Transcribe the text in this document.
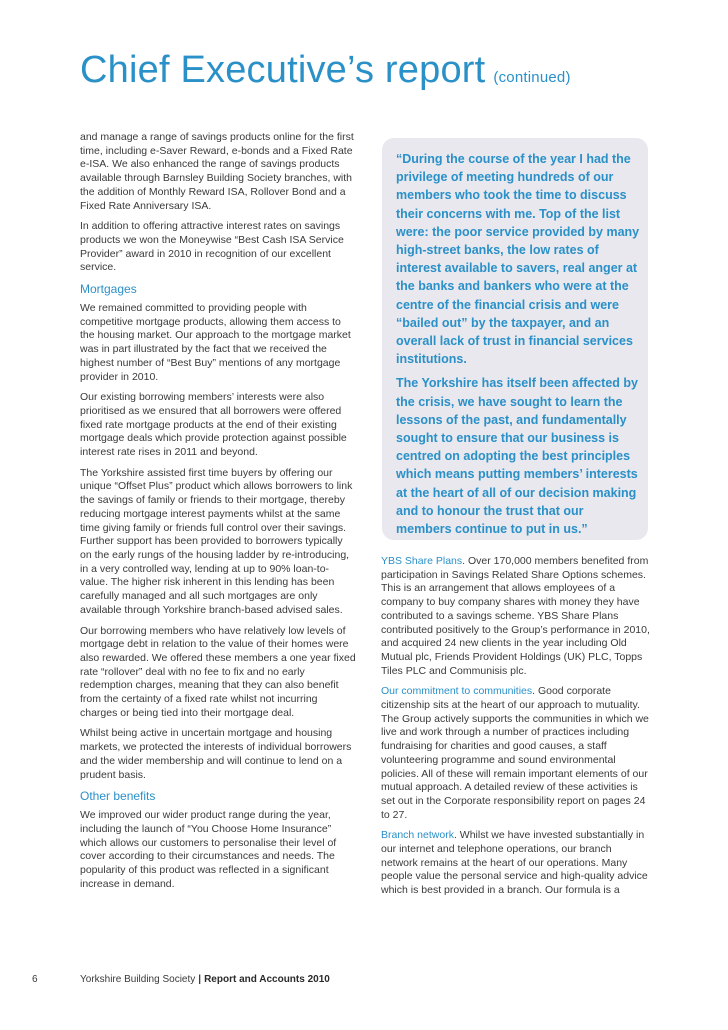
Chief Executive’s report (continued)

and manage a range of savings products online for the first time, including e-Saver Reward, e-bonds and a Fixed Rate e-ISA. We also enhanced the range of savings products available through Barnsley Building Society branches, with the addition of Monthly Reward ISA, Rollover Bond and a Fixed Rate Anniversary ISA.

In addition to offering attractive interest rates on savings products we won the Moneywise “Best Cash ISA Service Provider” award in 2010 in recognition of our excellent service.

Mortgages

We remained committed to providing people with competitive mortgage products, allowing them access to the housing market. Our approach to the mortgage market was in part illustrated by the fact that we received the highest number of “Best Buy” mentions of any mortgage provider in 2010.

Our existing borrowing members’ interests were also prioritised as we ensured that all borrowers were offered fixed rate mortgage products at the end of their existing mortgage deals which provide protection against possible interest rate rises in 2011 and beyond.

The Yorkshire assisted first time buyers by offering our unique “Offset Plus” product which allows borrowers to link the savings of family or friends to their mortgage, thereby reducing mortgage interest payments whilst at the same time giving family or friends full control over their savings. Further support has been provided to borrowers typically on the early rungs of the housing ladder by re-introducing, in a very controlled way, lending at up to 90% loan-to-value. The higher risk inherent in this lending has been carefully managed and all such mortgages are only available through Yorkshire branch-based advised sales.

Our borrowing members who have relatively low levels of mortgage debt in relation to the value of their homes were also rewarded. We offered these members a one year fixed rate “rollover” deal with no fee to fix and no early redemption charges, meaning that they can also benefit from the certainty of a fixed rate whilst not incurring charges or being tied into their mortgage deal.

Whilst being active in uncertain mortgage and housing markets, we protected the interests of individual borrowers and the wider membership and will continue to lend on a prudent basis.

Other benefits

We improved our wider product range during the year, including the launch of “You Choose Home Insurance” which allows our customers to personalise their level of cover according to their circumstances and needs. The popularity of this product was reflected in a significant increase in demand.

“During the course of the year I had the privilege of meeting hundreds of our members who took the time to discuss their concerns with me. Top of the list were: the poor service provided by many high-street banks, the low rates of interest available to savers, real anger at the banks and bankers who were at the centre of the financial crisis and were “bailed out” by the taxpayer, and an overall lack of trust in financial services institutions.

The Yorkshire has itself been affected by the crisis, we have sought to learn the lessons of the past, and fundamentally sought to ensure that our business is centred on adopting the best principles which means putting members’ interests at the heart of all of our decision making and to honour the trust that our members continue to put in us.”

YBS Share Plans. Over 170,000 members benefited from participation in Savings Related Share Options schemes. This is an arrangement that allows employees of a company to buy company shares with money they have contributed to a savings scheme. YBS Share Plans contributed positively to the Group’s performance in 2010, and acquired 24 new clients in the year including Old Mutual plc, Friends Provident Holdings (UK) PLC, Topps Tiles PLC and Communisis plc.

Our commitment to communities. Good corporate citizenship sits at the heart of our approach to mutuality. The Group actively supports the communities in which we live and work through a number of practices including fundraising for charities and good causes, a staff volunteering programme and sound environmental policies. All of these will remain important elements of our mutual approach. A detailed review of these activities is set out in the Corporate responsibility report on pages 24 to 27.

Branch network. Whilst we have invested substantially in our internet and telephone operations, our branch network remains at the heart of our operations. Many people value the personal service and high-quality advice which is best provided in a branch. Our formula is a

6	Yorkshire Building Society | Report and Accounts 2010
